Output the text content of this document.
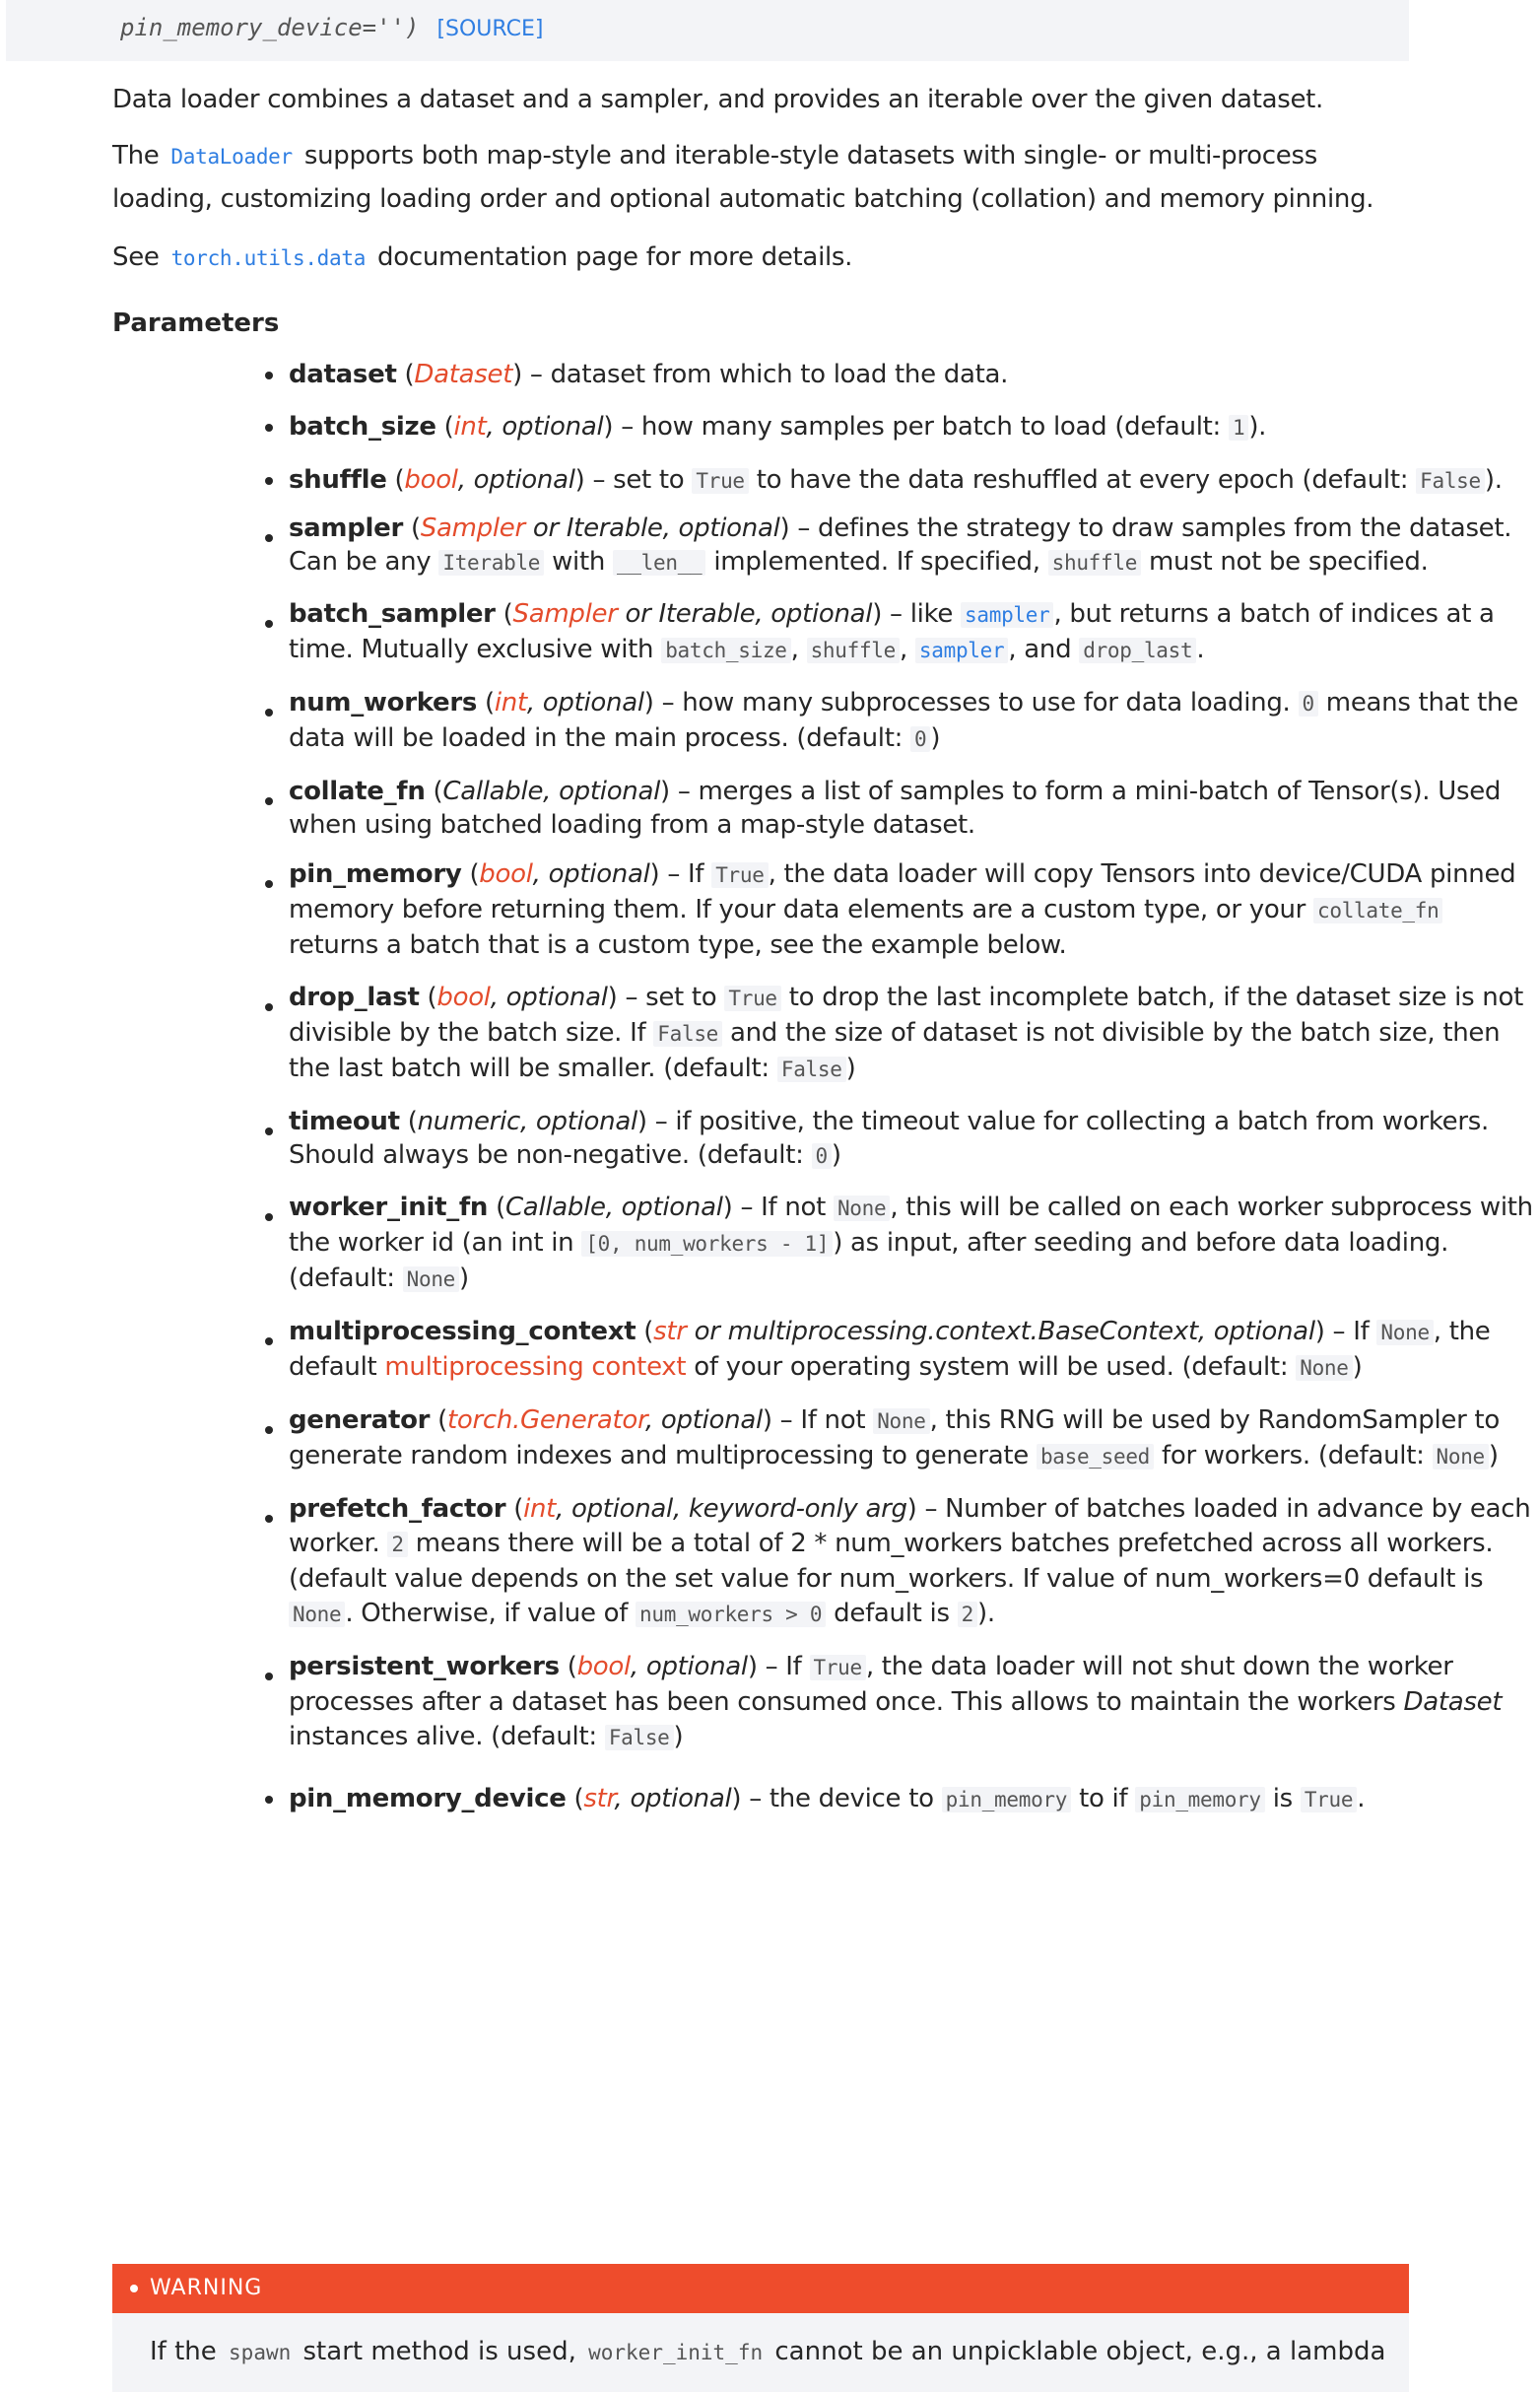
pin_memory_device='') [SOURCE]

Data loader combines a dataset and a sampler, and provides an iterable over the given dataset.

The DataLoader supports both map-style and iterable-style datasets with single- or multi-process loading, customizing loading order and optional automatic batching (collation) and memory pinning.

See torch.utils.data documentation page for more details.

Parameters
dataset (Dataset) – dataset from which to load the data.
batch_size (int, optional) – how many samples per batch to load (default: 1 ).
shuffle (bool, optional) – set to True to have the data reshuffled at every epoch (default: False ).
sampler (Sampler or Iterable, optional) – defines the strategy to draw samples from the dataset. Can be any Iterable with __len__ implemented. If specified, shuffle must not be specified.
batch_sampler (Sampler or Iterable, optional) – like sampler , but returns a batch of indices at a time. Mutually exclusive with batch_size , shuffle , sampler , and drop_last .
num_workers (int, optional) – how many subprocesses to use for data loading. 0 means that the data will be loaded in the main process. (default: 0 )
collate_fn (Callable, optional) – merges a list of samples to form a mini-batch of Tensor(s). Used when using batched loading from a map-style dataset.
pin_memory (bool, optional) – If True , the data loader will copy Tensors into device/CUDA pinned memory before returning them. If your data elements are a custom type, or your collate_fn returns a batch that is a custom type, see the example below.
drop_last (bool, optional) – set to True to drop the last incomplete batch, if the dataset size is not divisible by the batch size. If False and the size of dataset is not divisible by the batch size, then the last batch will be smaller. (default: False )
timeout (numeric, optional) – if positive, the timeout value for collecting a batch from workers. Should always be non-negative. (default: 0 )
worker_init_fn (Callable, optional) – If not None , this will be called on each worker subprocess with the worker id (an int in [0, num_workers - 1] ) as input, after seeding and before data loading. (default: None )
multiprocessing_context (str or multiprocessing.context.BaseContext, optional) – If None , the default multiprocessing context of your operating system will be used. (default: None )
generator (torch.Generator, optional) – If not None , this RNG will be used by RandomSampler to generate random indexes and multiprocessing to generate base_seed for workers. (default: None )
prefetch_factor (int, optional, keyword-only arg) – Number of batches loaded in advance by each worker. 2 means there will be a total of 2 * num_workers batches prefetched across all workers. (default value depends on the set value for num_workers. If value of num_workers=0 default is None . Otherwise, if value of num_workers > 0 default is 2 ).
persistent_workers (bool, optional) – If True , the data loader will not shut down the worker processes after a dataset has been consumed once. This allows to maintain the workers Dataset instances alive. (default: False )
pin_memory_device (str, optional) – the device to pin_memory to if pin_memory is True .
WARNING
If the spawn start method is used, worker_init_fn cannot be an unpicklable object, e.g., a lambda
